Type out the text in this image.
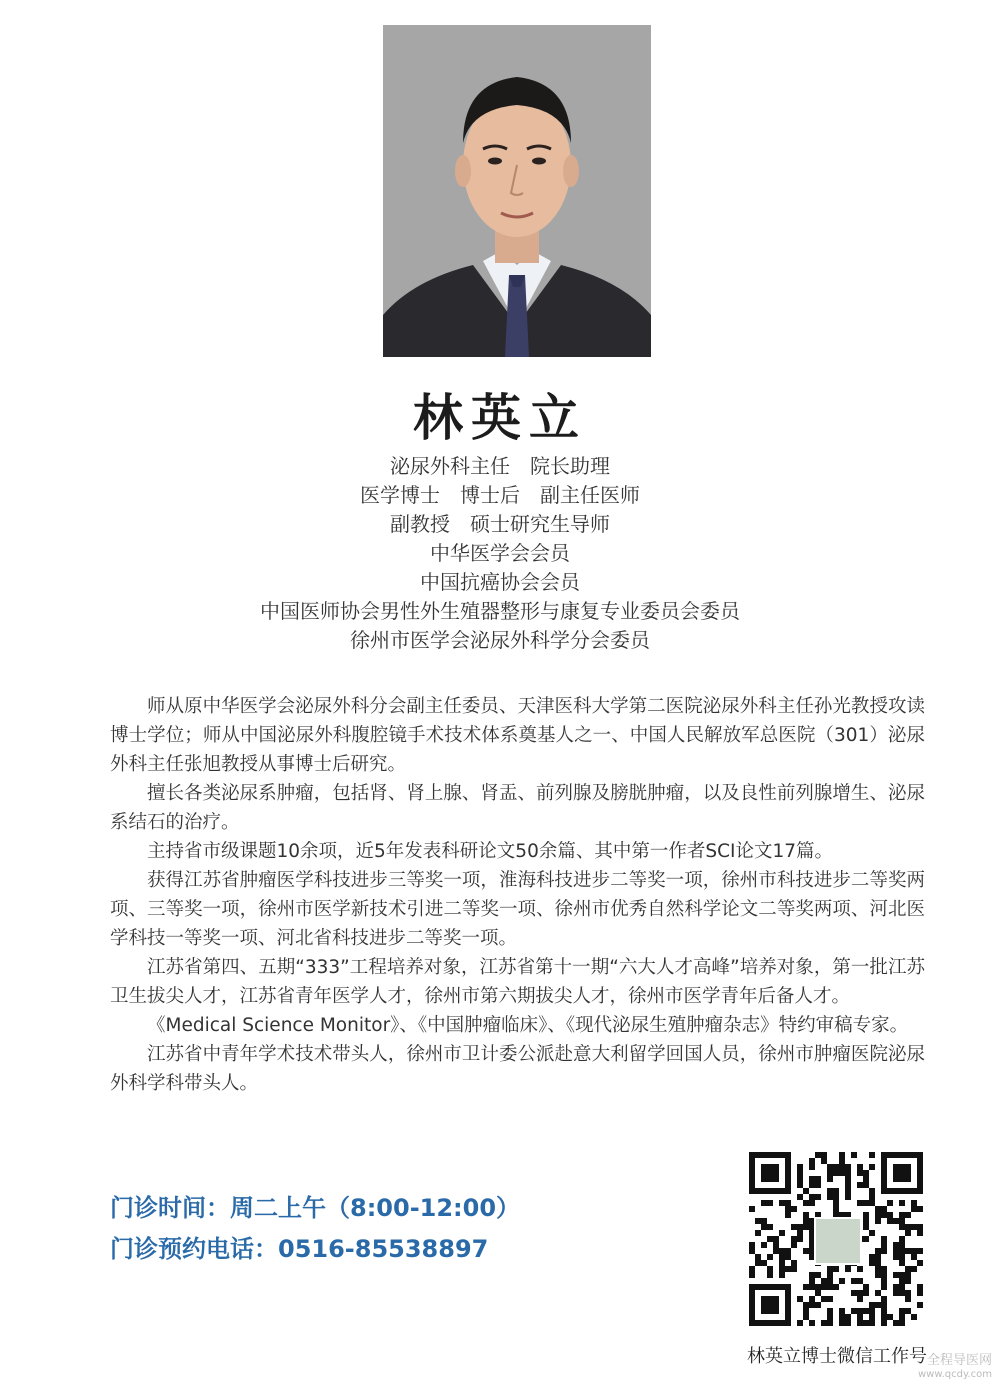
林英立
泌尿外科主任　院长助理
医学博士　博士后　副主任医师
副教授　硕士研究生导师
中华医学会会员
中国抗癌协会会员
中国医师协会男性外生殖器整形与康复专业委员会委员
徐州市医学会泌尿外科学分会委员

师从原中华医学会泌尿外科分会副主任委员、天津医科大学第二医院泌尿外科主任孙光教授攻读博士学位；师从中国泌尿外科腹腔镜手术技术体系奠基人之一、中国人民解放军总医院（301）泌尿外科主任张旭教授从事博士后研究。

擅长各类泌尿系肿瘤，包括肾、肾上腺、肾盂、前列腺及膀胱肿瘤，以及良性前列腺增生、泌尿系结石的治疗。

主持省市级课题10余项，近5年发表科研论文50余篇、其中第一作者SCI论文17篇。

获得江苏省肿瘤医学科技进步三等奖一项，淮海科技进步二等奖一项，徐州市科技进步二等奖两项、三等奖一项，徐州市医学新技术引进二等奖一项、徐州市优秀自然科学论文二等奖两项、河北医学科技一等奖一项、河北省科技进步二等奖一项。

江苏省第四、五期“333”工程培养对象，江苏省第十一期“六大人才高峰”培养对象，第一批江苏卫生拔尖人才，江苏省青年医学人才，徐州市第六期拔尖人才，徐州市医学青年后备人才。

《Medical Science Monitor》、《中国肿瘤临床》、《现代泌尿生殖肿瘤杂志》特约审稿专家。

江苏省中青年学术技术带头人，徐州市卫计委公派赴意大利留学回国人员，徐州市肿瘤医院泌尿外科学科带头人。

门诊时间：周二上午（8:00-12:00）
门诊预约电话：0516-85538897
林英立博士微信工作号 全程导医网
www.qcdy.com
